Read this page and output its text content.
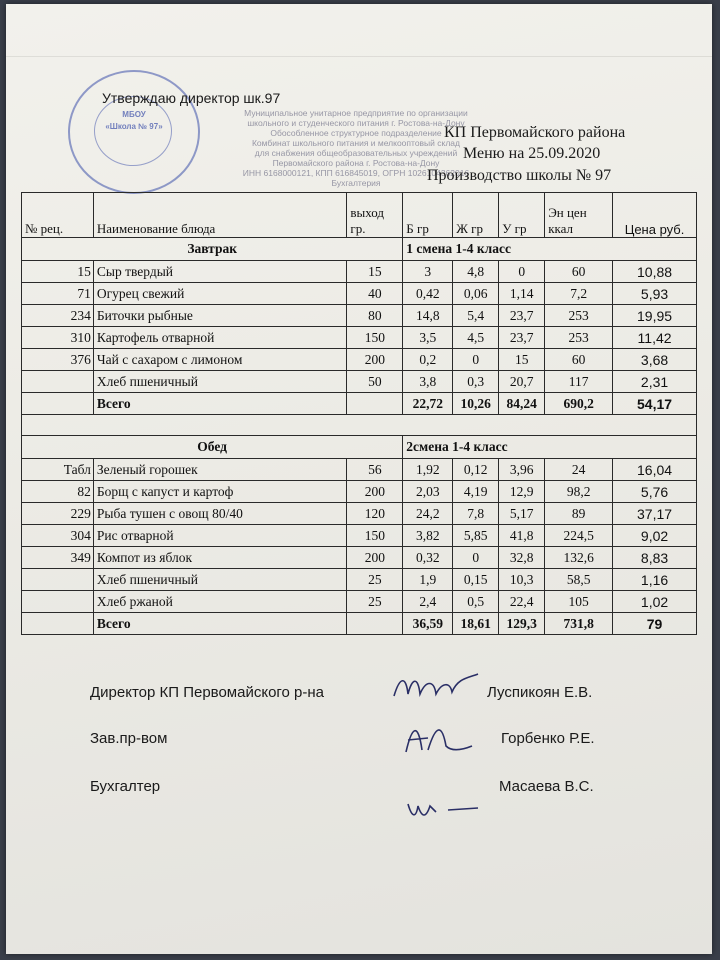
МБОУ
«Школа № 97»
Муниципальное унитарное предприятие по организации
школьного и студенческого питания г. Ростова-на-Дону
Обособленное структурное подразделение
Комбинат школьного питания и мелкооптовый склад
для снабжения общеобразовательных учреждений
Первомайского района г. Ростова-на-Дону
ИНН 6168000121, КПП 616845019, ОГРН 1026104362016
Бухгалтерия
Утверждаю директор шк.97
КП Первомайского района
Меню на 25.09.2020
Производство школы № 97
№ рец.	Наименование блюда	выход гр.	Б гр	Ж гр	У гр	Эн цен ккал	Цена руб.
Завтрак			1 смена 1-4 класс				
15	Сыр твердый	15	3	4,8	0	60	10,88
71	Огурец свежий	40	0,42	0,06	1,14	7,2	5,93
234	Биточки рыбные	80	14,8	5,4	23,7	253	19,95
310	Картофель отварной	150	3,5	4,5	23,7	253	11,42
376	Чай с сахаром с лимоном	200	0,2	0	15	60	3,68
	Хлеб пшеничный	50	3,8	0,3	20,7	117	2,31
	Всего		22,72	10,26	84,24	690,2	54,17

Обед			2смена 1-4 класс				
Табл	Зеленый горошек	56	1,92	0,12	3,96	24	16,04
82	Борщ с капуст и картоф	200	2,03	4,19	12,9	98,2	5,76
229	Рыба тушен с овощ 80/40	120	24,2	7,8	5,17	89	37,17
304	Рис отварной	150	3,82	5,85	41,8	224,5	9,02
349	Компот из яблок	200	0,32	0	32,8	132,6	8,83
	Хлеб пшеничный	25	1,9	0,15	10,3	58,5	1,16
	Хлеб ржаной	25	2,4	0,5	22,4	105	1,02
	Всего		36,59	18,61	129,3	731,8	79
Директор КП Первомайского р-на	Луспикоян Е.В.
Зав.пр-вом	Горбенко Р.Е.
Бухгалтер	Масаева В.С.
